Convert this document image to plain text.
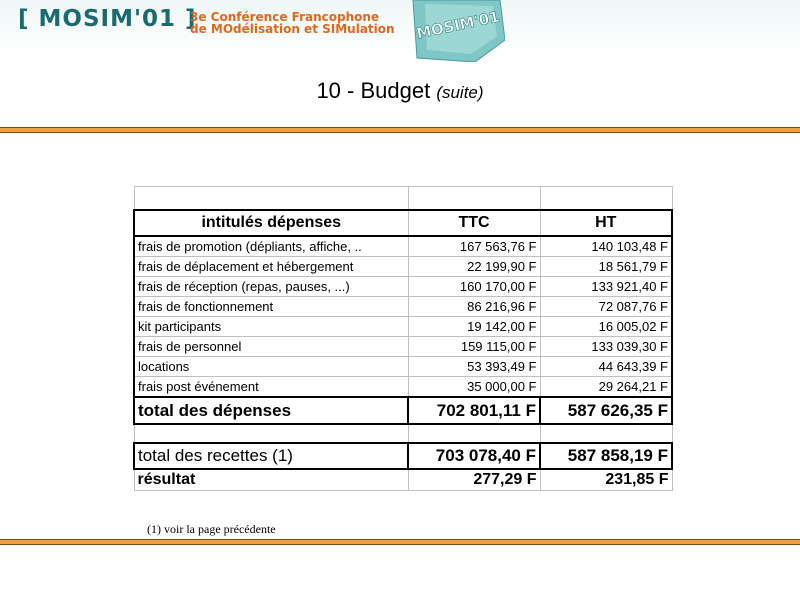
[ MOSIM'01 ]
3e Conférence Francophone
de MOdélisation et SIMulation MOSIM'01
10 - Budget (suite)

intitulés dépenses	TTC	HT
frais de promotion (dépliants, affiche, ..	167 563,76 F	140 103,48 F
frais de déplacement et hébergement	22 199,90 F	18 561,79 F
frais de réception (repas, pauses, ...)	160 170,00 F	133 921,40 F
frais de fonctionnement	86 216,96 F	72 087,76 F
kit participants	19 142,00 F	16 005,02 F
frais de personnel	159 115,00 F	133 039,30 F
locations	53 393,49 F	44 643,39 F
frais post événement	35 000,00 F	29 264,21 F
total des dépenses	702 801,11 F	587 626,35 F

total des recettes (1)	703 078,40 F	587 858,19 F
résultat	277,29 F	231,85 F
(1) voir la page précédente
